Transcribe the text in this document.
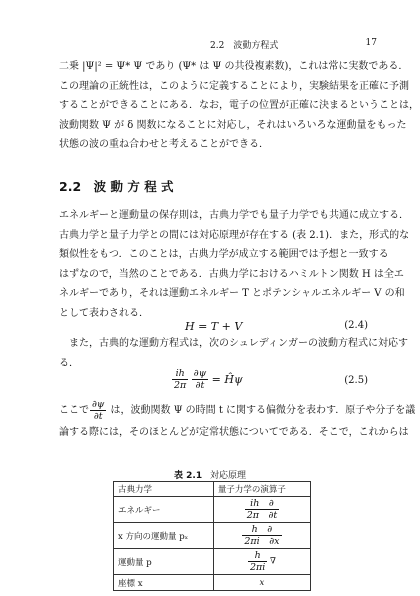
2.2　波動方程式	17
二乗 |Ψ|² = Ψ* Ψ であり (Ψ* は Ψ の共役複素数)，これは常に実数である．
この理論の正統性は，このように定義することにより，実験結果を正確に予測
することができることにある．なお，電子の位置が正確に決まるということは，
波動関数 Ψ が δ 関数になることに対応し，それはいろいろな運動量をもった
状態の波の重ね合わせと考えることができる．
2.2　波 動 方 程 式
エネルギーと運動量の保存則は，古典力学でも量子力学でも共通に成立する．
古典力学と量子力学との間には対応原理が存在する (表 2.1)．また，形式的な
類似性をもつ．このことは，古典力学が成立する範囲では予想と一致する
はずなので，当然のことである．古典力学におけるハミルトン関数 H は全エ
ネルギーであり，それは運動エネルギー T とポテンシャルエネルギー V の和
として表わされる．
H = T + V	(2.4)
　また，古典的な運動方程式は，次のシュレディンガーの波動方程式に対応す
る．
$\frac{ih}{2\pi}$
$\frac{\partial\psi}{\partial t}$ = Ĥψ	(2.5)
ここで $\frac{\partial\psi}{\partial t}$ は，波動関数 Ψ の時間 t に関する偏微分を表わす．原子や分子を議
論する際には，そのほとんどが定常状態についてである．そこで，これからは
表 2.1 対応原理
古典力学	量子力学の演算子
エネルギー	$\frac{ih \partial}{2\pi \partial t}$

x 方向の運動量 pₓ	$\frac{h \partial}{2\pi i \partial x}$

運動量 p	$\frac{h}{2\pi i}$ ∇
座標 x	x
